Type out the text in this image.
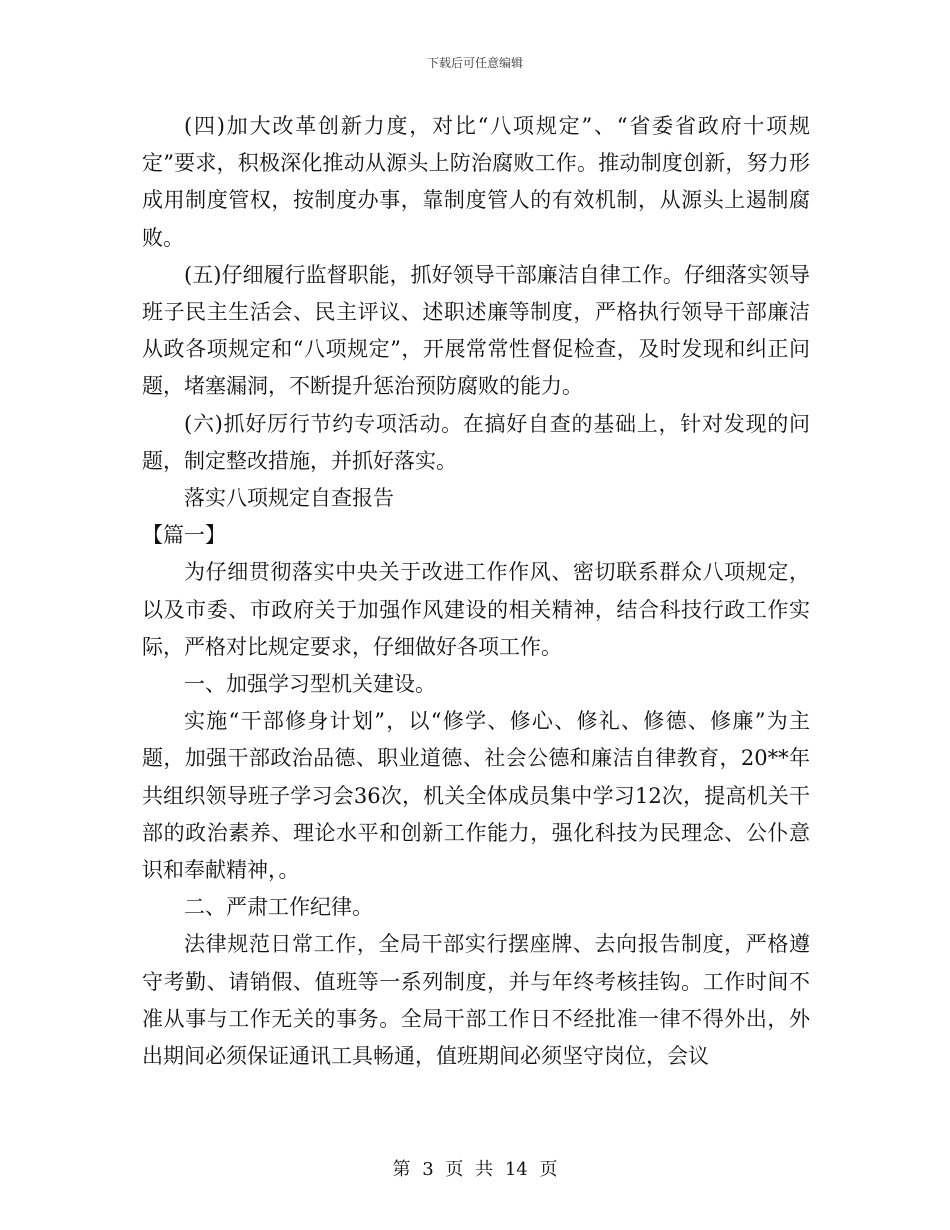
下载后可任意编辑

(四)加大改革创新力度，对比“八项规定”、“省委省政府十项规定”要求，积极深化推动从源头上防治腐败工作。推动制度创新，努力形成用制度管权，按制度办事，靠制度管人的有效机制，从源头上遏制腐败。

(五)仔细履行监督职能，抓好领导干部廉洁自律工作。仔细落实领导班子民主生活会、民主评议、述职述廉等制度，严格执行领导干部廉洁从政各项规定和“八项规定”，开展常常性督促检查，及时发现和纠正问题，堵塞漏洞，不断提升惩治预防腐败的能力。

(六)抓好厉行节约专项活动。在搞好自查的基础上，针对发现的问题，制定整改措施，并抓好落实。

落实八项规定自查报告

【篇一】

为仔细贯彻落实中央关于改进工作作风、密切联系群众八项规定，以及市委、市政府关于加强作风建设的相关精神，结合科技行政工作实际，严格对比规定要求，仔细做好各项工作。

一、加强学习型机关建设。

实施“干部修身计划”，以“修学、修心、修礼、修德、修廉”为主题，加强干部政治品德、职业道德、社会公德和廉洁自律教育，20**年共组织领导班子学习会36次，机关全体成员集中学习12次，提高机关干部的政治素养、理论水平和创新工作能力，强化科技为民理念、公仆意识和奉献精神，。

二、严肃工作纪律。

法律规范日常工作，全局干部实行摆座牌、去向报告制度，严格遵守考勤、请销假、值班等一系列制度，并与年终考核挂钩。工作时间不准从事与工作无关的事务。全局干部工作日不经批准一律不得外出，外出期间必须保证通讯工具畅通，值班期间必须坚守岗位，会议

第 3 页 共 14 页
